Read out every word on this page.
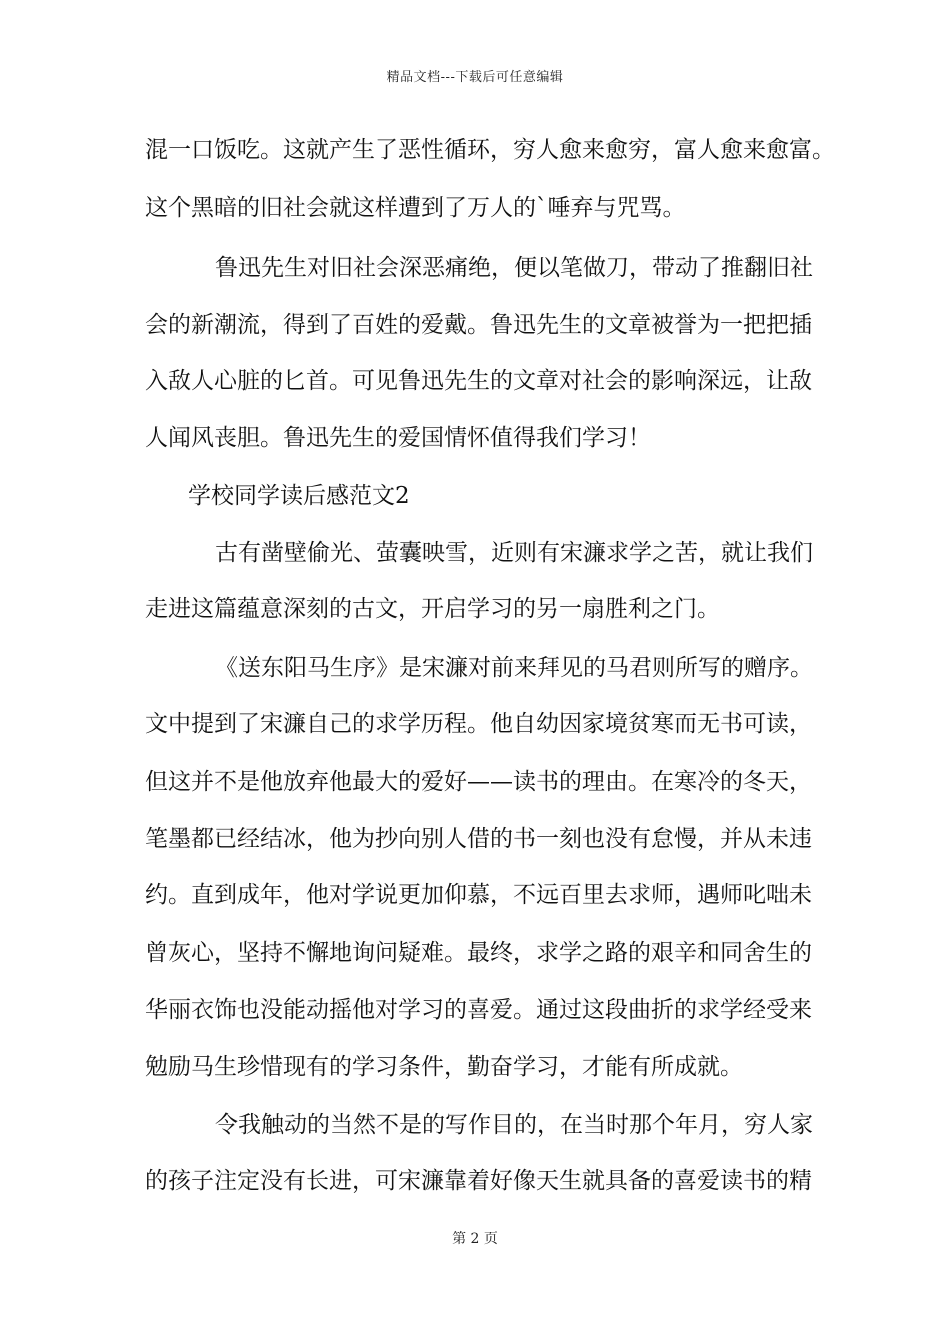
精品文档---下载后可任意编辑
混一口饭吃。这就产生了恶性循环，穷人愈来愈穷，富人愈来愈富。
这个黑暗的旧社会就这样遭到了万人的`唾弃与咒骂。
鲁迅先生对旧社会深恶痛绝，便以笔做刀，带动了推翻旧社
会的新潮流，得到了百姓的爱戴。鲁迅先生的文章被誉为一把把插
入敌人心脏的匕首。可见鲁迅先生的文章对社会的影响深远，让敌
人闻风丧胆。鲁迅先生的爱国情怀值得我们学习！
学校同学读后感范文2
古有凿壁偷光、萤囊映雪，近则有宋濂求学之苦，就让我们
走进这篇蕴意深刻的古文，开启学习的另一扇胜利之门。
《送东阳马生序》是宋濂对前来拜见的马君则所写的赠序。
文中提到了宋濂自己的求学历程。他自幼因家境贫寒而无书可读，
但这并不是他放弃他最大的爱好——读书的理由。在寒冷的冬天，
笔墨都已经结冰，他为抄向别人借的书一刻也没有怠慢，并从未违
约。直到成年，他对学说更加仰慕，不远百里去求师，遇师叱咄未
曾灰心，坚持不懈地询问疑难。最终，求学之路的艰辛和同舍生的
华丽衣饰也没能动摇他对学习的喜爱。通过这段曲折的求学经受来
勉励马生珍惜现有的学习条件，勤奋学习，才能有所成就。
令我触动的当然不是的写作目的，在当时那个年月，穷人家
的孩子注定没有长进，可宋濂靠着好像天生就具备的喜爱读书的精
第 2 页
